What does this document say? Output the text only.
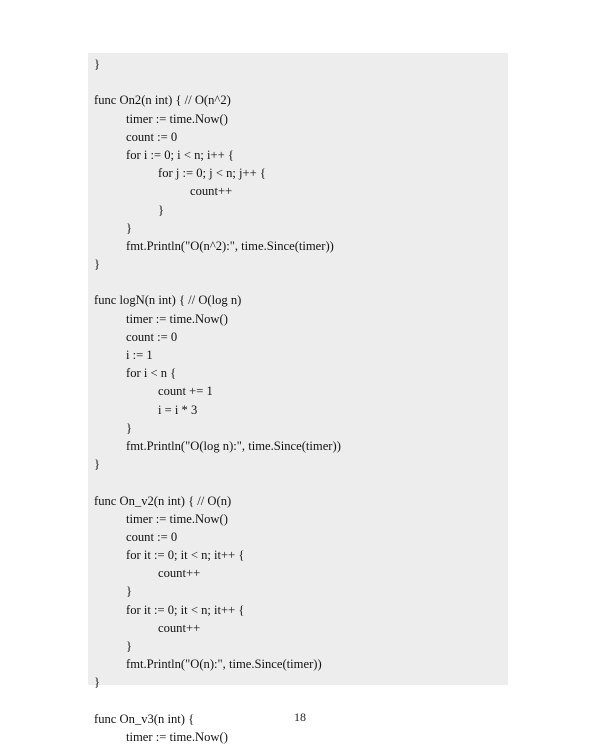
}
func On2(n int) { // O(n^2)
timer := time.Now()
count := 0
for i := 0; i < n; i++ {
for j := 0; j < n; j++ {
count++
}
}
fmt.Println("O(n^2):", time.Since(timer))
}
func logN(n int) { // O(log n)
timer := time.Now()
count := 0
i := 1
for i < n {
count += 1
i = i * 3
}
fmt.Println("O(log n):", time.Since(timer))
}
func On_v2(n int) { // O(n)
timer := time.Now()
count := 0
for it := 0; it < n; it++ {
count++
}
for it := 0; it < n; it++ {
count++
}
fmt.Println("O(n):", time.Since(timer))
}
func On_v3(n int) {
timer := time.Now()
18
